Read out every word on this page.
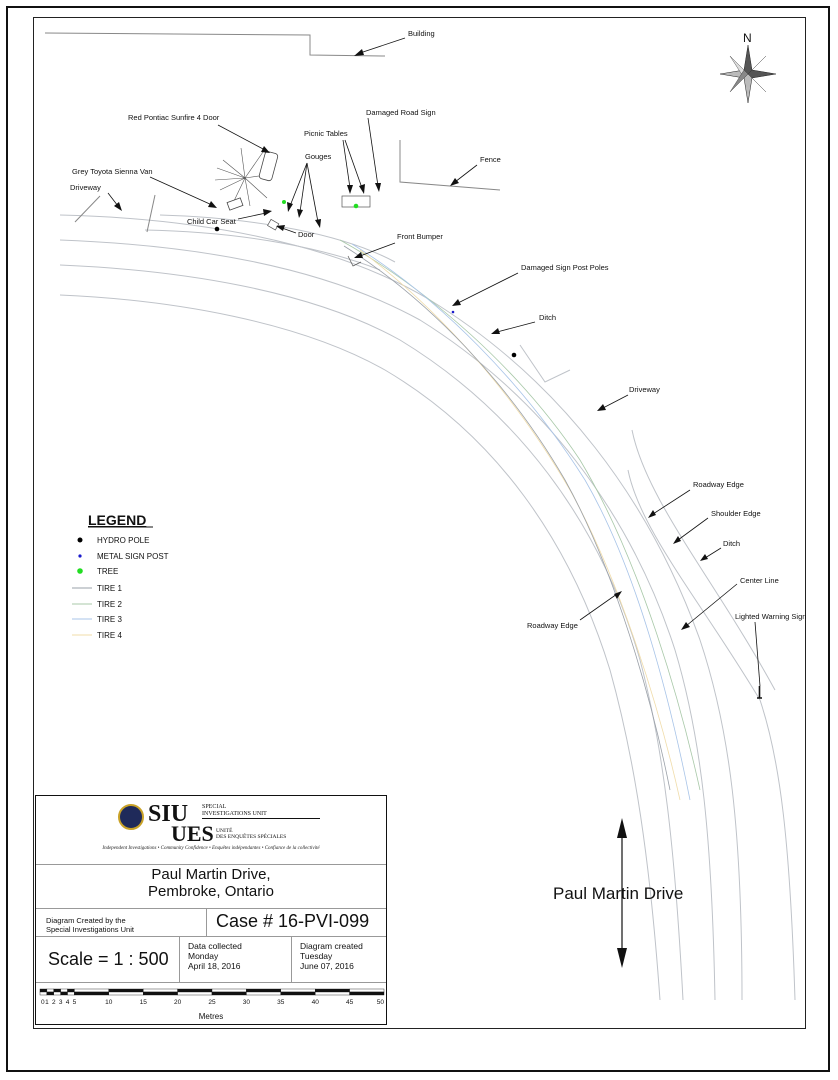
Building
Damaged Road Sign
Red Pontiac Sunfire 4 Door
Picnic Tables
Gouges	Fence
Grey Toyota Sienna Van
Driveway
Child Car Seat
Door	Front Bumper
Damaged Sign Post Poles
Ditch
Driveway
Roadway Edge
Shoulder Edge
Ditch
Center Line
Lighted Warning Sign
Roadway Edge
N
LEGEND
HYDRO POLE
METAL SIGN POST
TREE
TIRE 1
TIRE 2
TIRE 3
TIRE 4
Paul Martin Drive
SIU
UES
SPECIAL
INVESTIGATIONS UNIT
UNITÉ
DES ENQUÊTES SPÉCIALES
Independent Investigations • Community Confidence • Enquêtes indépendantes • Confiance de la collectivité
Paul Martin Drive,
Pembroke, Ontario
Diagram Created by the
Special Investigations Unit	Case # 16-PVI-099
Scale = 1 : 500
Data collected
Monday
April 18, 2016
Diagram created
Tuesday
June 07, 2016
0 1 2 3 4 5	10	15	20	25	30	35	40	45	50
Metres
